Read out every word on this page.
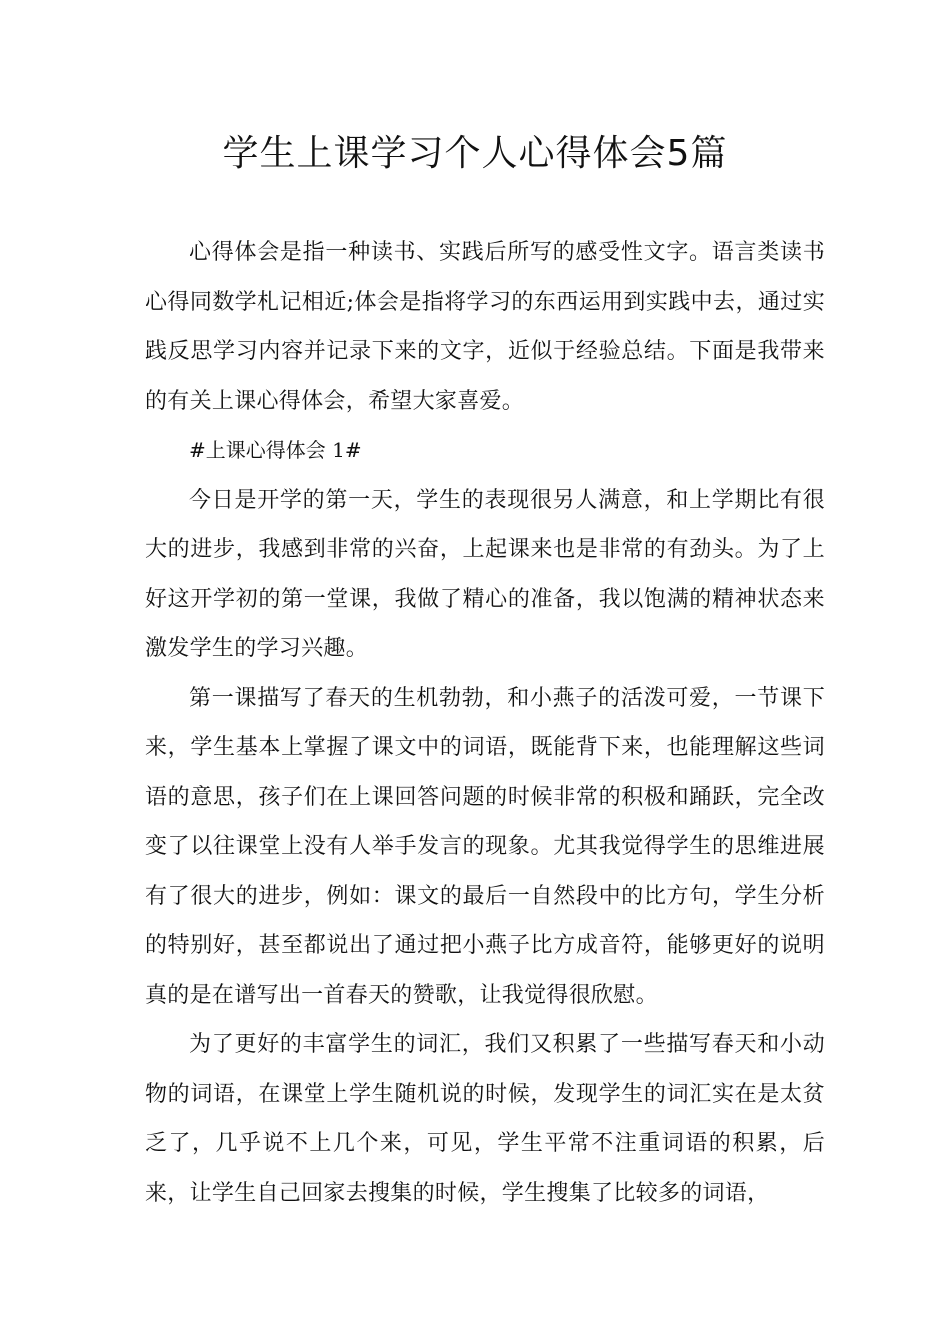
学生上课学习个人心得体会5篇

心得体会是指一种读书、实践后所写的感受性文字。语言类读书心得同数学札记相近;体会是指将学习的东西运用到实践中去，通过实践反思学习内容并记录下来的文字，近似于经验总结。下面是我带来的有关上课心得体会，希望大家喜爱。

#上课心得体会 1#

今日是开学的第一天，学生的表现很另人满意，和上学期比有很大的进步，我感到非常的兴奋，上起课来也是非常的有劲头。为了上好这开学初的第一堂课，我做了精心的准备，我以饱满的精神状态来激发学生的学习兴趣。

第一课描写了春天的生机勃勃，和小燕子的活泼可爱，一节课下来，学生基本上掌握了课文中的词语，既能背下来，也能理解这些词语的意思，孩子们在上课回答问题的时候非常的积极和踊跃，完全改变了以往课堂上没有人举手发言的现象。尤其我觉得学生的思维进展有了很大的进步，例如：课文的最后一自然段中的比方句，学生分析的特别好，甚至都说出了通过把小燕子比方成音符，能够更好的说明真的是在谱写出一首春天的赞歌，让我觉得很欣慰。

为了更好的丰富学生的词汇，我们又积累了一些描写春天和小动物的词语，在课堂上学生随机说的时候，发现学生的词汇实在是太贫乏了，几乎说不上几个来，可见，学生平常不注重词语的积累，后来，让学生自己回家去搜集的时候，学生搜集了比较多的词语，
